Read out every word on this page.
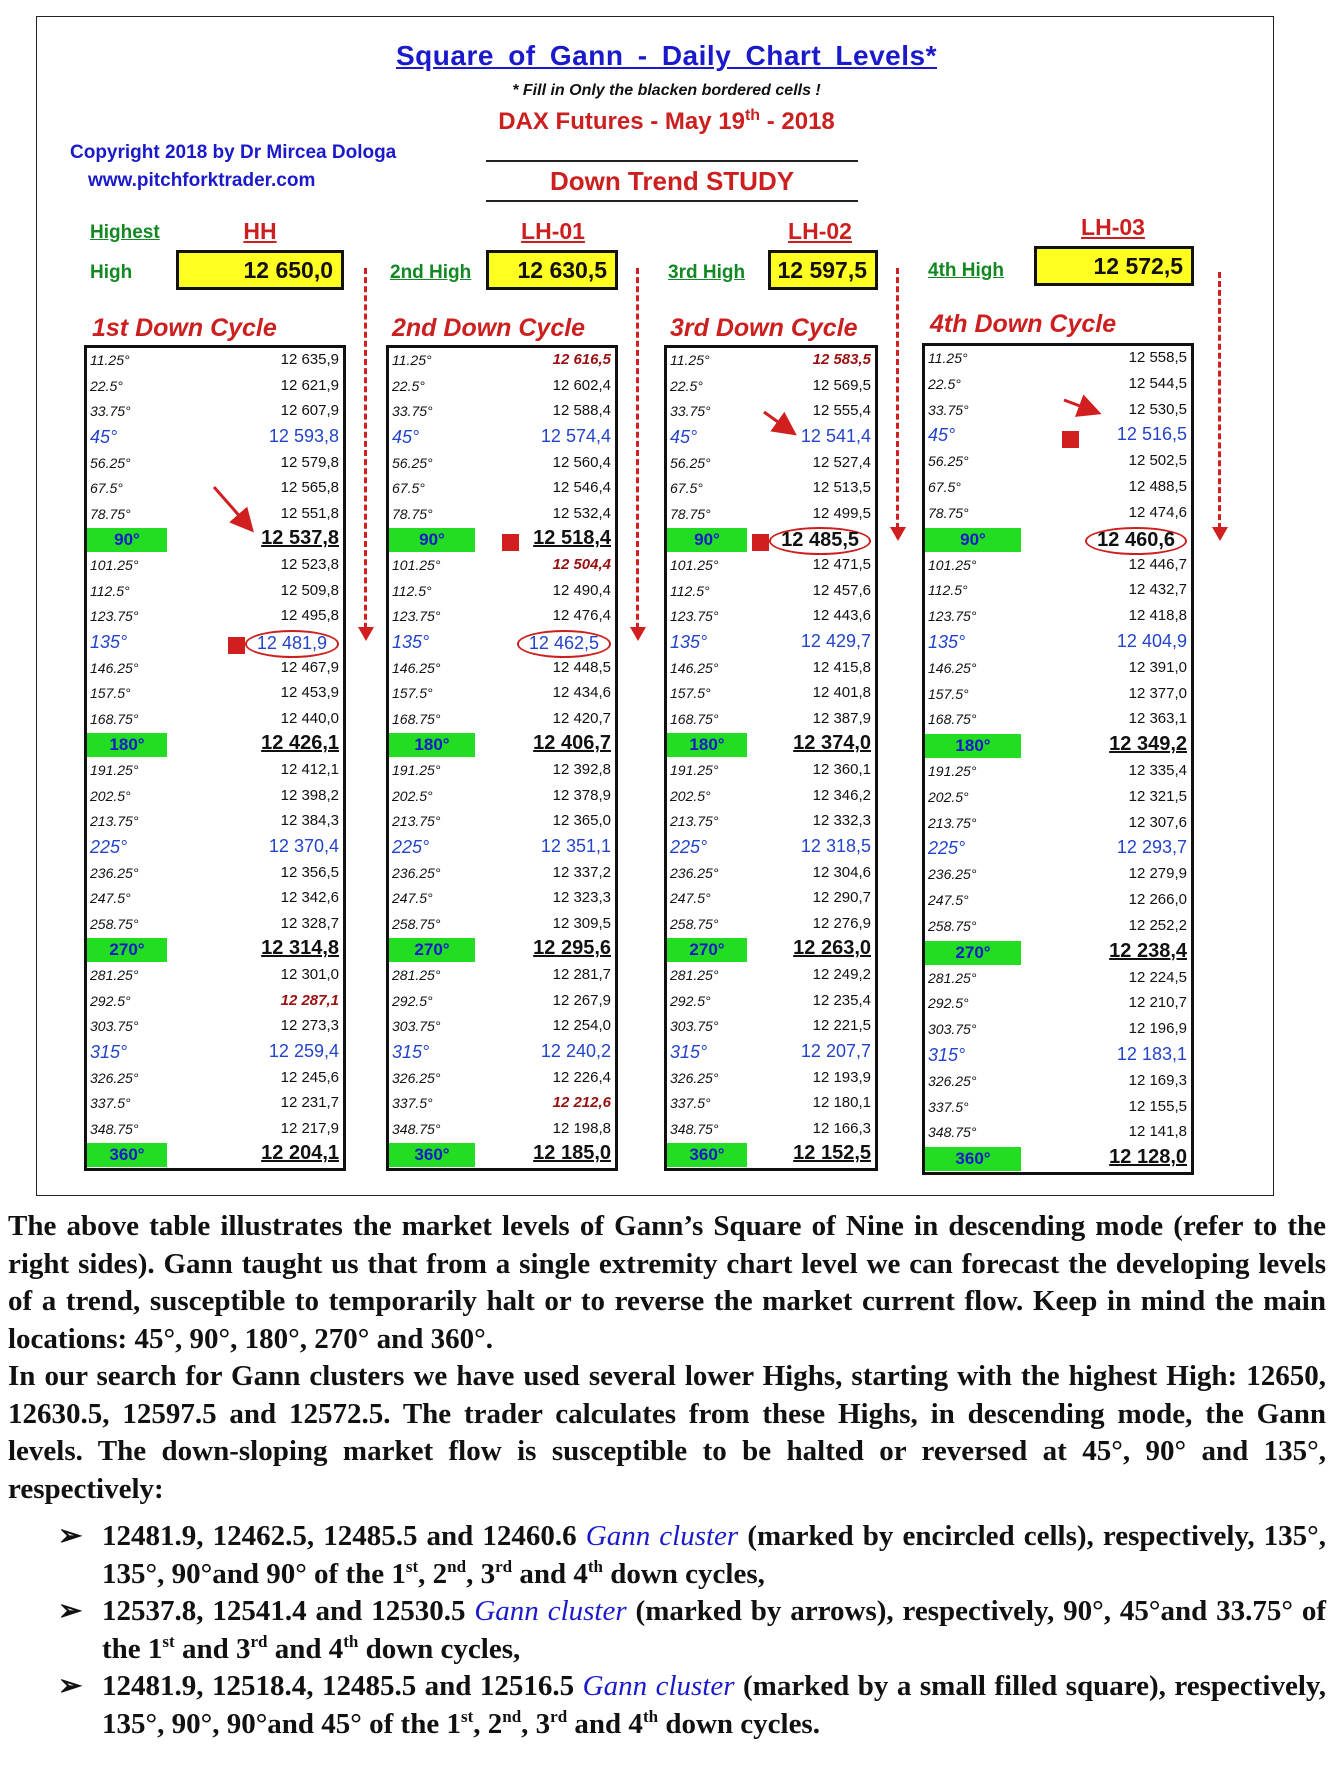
Square of Gann - Daily Chart Levels*
* Fill in Only the blacken bordered cells !
DAX Futures - May 19th - 2018
Down Trend STUDY
Copyright 2018 by Dr Mircea Dologa
www.pitchforktrader.com
Highest
High	2nd High	3rd High	4th High
HH	LH-01	LH-02	LH-03
12 650,0	12 630,5	12 597,5	12 572,5
1st Down Cycle	2nd Down Cycle	3rd Down Cycle	4th Down Cycle
11.25°	12 635,9
22.5°	12 621,9
33.75°	12 607,9
45°	12 593,8
56.25°	12 579,8
67.5°	12 565,8
78.75°	12 551,8
90°	12 537,8
101.25°	12 523,8
112.5°	12 509,8
123.75°	12 495,8
135°	12 481,9
146.25°	12 467,9
157.5°	12 453,9
168.75°	12 440,0
180°	12 426,1
191.25°	12 412,1
202.5°	12 398,2
213.75°	12 384,3
225°	12 370,4
236.25°	12 356,5
247.5°	12 342,6
258.75°	12 328,7
270°	12 314,8
281.25°	12 301,0
292.5°	12 287,1
303.75°	12 273,3
315°	12 259,4
326.25°	12 245,6
337.5°	12 231,7
348.75°	12 217,9
360°	12 204,1
11.25°	12 616,5
22.5°	12 602,4
33.75°	12 588,4
45°	12 574,4
56.25°	12 560,4
67.5°	12 546,4
78.75°	12 532,4
90°	12 518,4
101.25°	12 504,4
112.5°	12 490,4
123.75°	12 476,4
135°	12 462,5
146.25°	12 448,5
157.5°	12 434,6
168.75°	12 420,7
180°	12 406,7
191.25°	12 392,8
202.5°	12 378,9
213.75°	12 365,0
225°	12 351,1
236.25°	12 337,2
247.5°	12 323,3
258.75°	12 309,5
270°	12 295,6
281.25°	12 281,7
292.5°	12 267,9
303.75°	12 254,0
315°	12 240,2
326.25°	12 226,4
337.5°	12 212,6
348.75°	12 198,8
360°	12 185,0
11.25°	12 583,5
22.5°	12 569,5
33.75°	12 555,4
45°	12 541,4
56.25°	12 527,4
67.5°	12 513,5
78.75°	12 499,5
90°	12 485,5
101.25°	12 471,5
112.5°	12 457,6
123.75°	12 443,6
135°	12 429,7
146.25°	12 415,8
157.5°	12 401,8
168.75°	12 387,9
180°	12 374,0
191.25°	12 360,1
202.5°	12 346,2
213.75°	12 332,3
225°	12 318,5
236.25°	12 304,6
247.5°	12 290,7
258.75°	12 276,9
270°	12 263,0
281.25°	12 249,2
292.5°	12 235,4
303.75°	12 221,5
315°	12 207,7
326.25°	12 193,9
337.5°	12 180,1
348.75°	12 166,3
360°	12 152,5
11.25°	12 558,5
22.5°	12 544,5
33.75°	12 530,5
45°	12 516,5
56.25°	12 502,5
67.5°	12 488,5
78.75°	12 474,6
90°	12 460,6
101.25°	12 446,7
112.5°	12 432,7
123.75°	12 418,8
135°	12 404,9
146.25°	12 391,0
157.5°	12 377,0
168.75°	12 363,1
180°	12 349,2
191.25°	12 335,4
202.5°	12 321,5
213.75°	12 307,6
225°	12 293,7
236.25°	12 279,9
247.5°	12 266,0
258.75°	12 252,2
270°	12 238,4
281.25°	12 224,5
292.5°	12 210,7
303.75°	12 196,9
315°	12 183,1
326.25°	12 169,3
337.5°	12 155,5
348.75°	12 141,8
360°	12 128,0

The above table illustrates the market levels of Gann’s Square of Nine in descending mode (refer to the right sides). Gann taught us that from a single extremity chart level we can forecast the developing levels of a trend, susceptible to temporarily halt or to reverse the market current flow. Keep in mind the main locations: 45°, 90°, 180°, 270° and 360°.

In our search for Gann clusters we have used several lower Highs, starting with the highest High: 12650, 12630.5, 12597.5 and 12572.5. The trader calculates from these Highs, in descending mode, the Gann levels. The down-sloping market flow is susceptible to be halted or reversed at 45°, 90° and 135°, respectively:

➢ 12481.9, 12462.5, 12485.5 and 12460.6 Gann cluster (marked by encircled cells), respectively, 135°, 135°, 90°and 90° of the 1st, 2nd, 3rd and 4th down cycles,
➢ 12537.8, 12541.4 and 12530.5 Gann cluster (marked by arrows), respectively, 90°, 45°and 33.75° of the 1st and 3rd and 4th down cycles,
➢ 12481.9, 12518.4, 12485.5 and 12516.5 Gann cluster (marked by a small filled square), respectively, 135°, 90°, 90°and 45° of the 1st, 2nd, 3rd and 4th down cycles.
